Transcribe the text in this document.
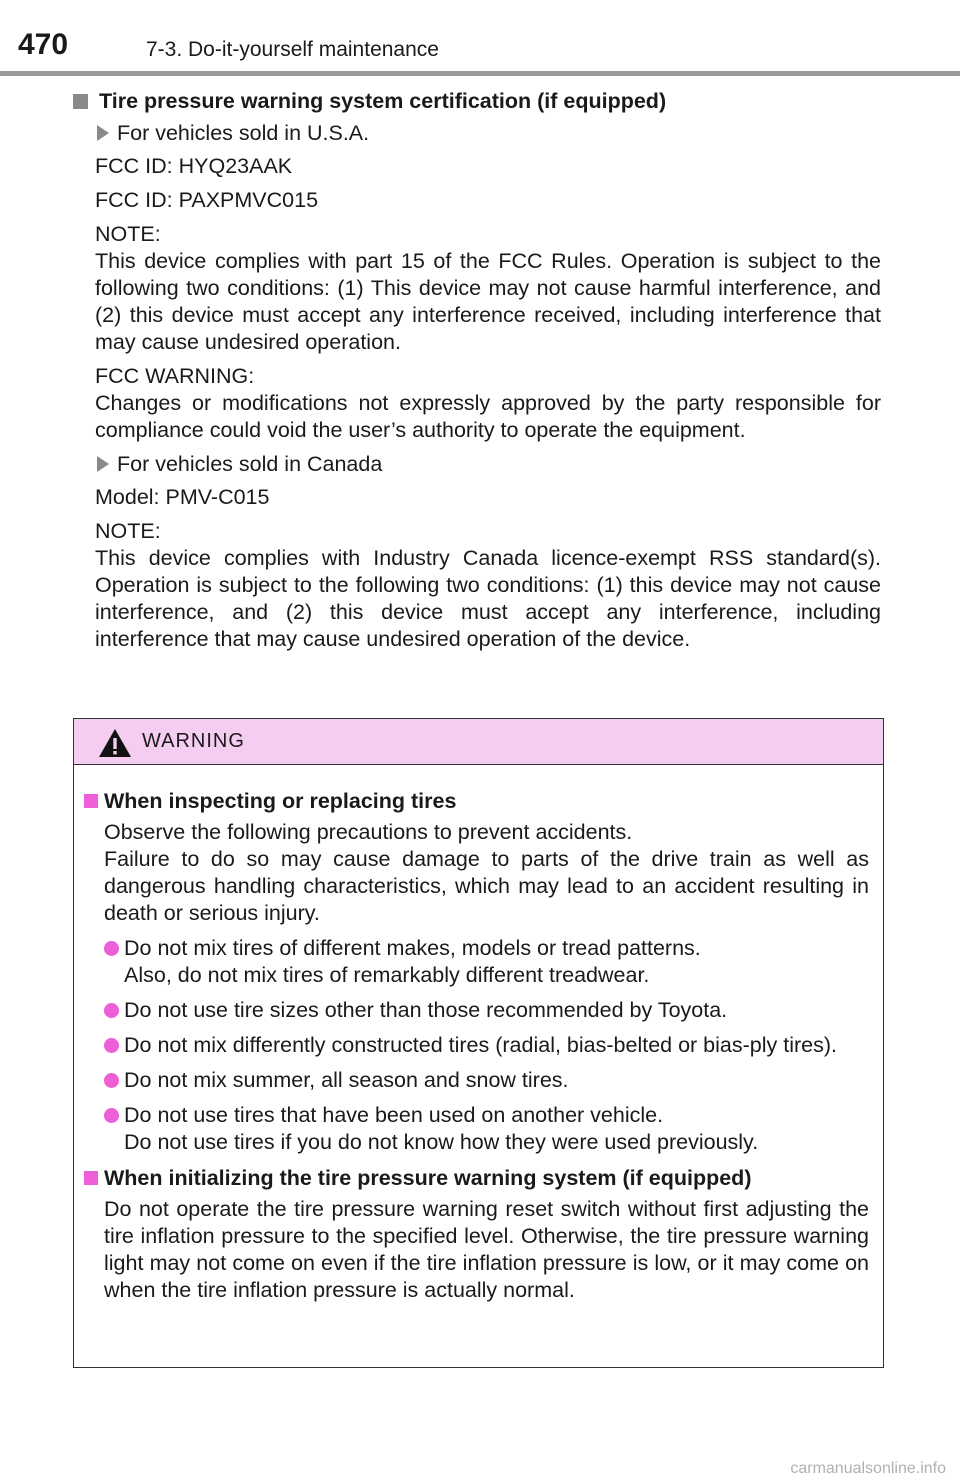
470	7-3. Do-it-yourself maintenance
Tire pressure warning system certification (if equipped)
For vehicles sold in U.S.A.
FCC ID: HYQ23AAK
FCC ID: PAXPMVC015
NOTE:
This device complies with part 15 of the FCC Rules. Operation is subject to the following two conditions: (1) This device may not cause harmful interference, and (2) this device must accept any interference received, including interference that may cause undesired operation.
FCC WARNING:
Changes or modifications not expressly approved by the party responsible for compliance could void the user’s authority to operate the equipment.
For vehicles sold in Canada
Model: PMV-C015
NOTE:
This device complies with Industry Canada licence-exempt RSS standard(s). Operation is subject to the following two conditions: (1) this device may not cause interference, and (2) this device must accept any interference, including interference that may cause undesired operation of the device.
WARNING
When inspecting or replacing tires
Observe the following precautions to prevent accidents.
Failure to do so may cause damage to parts of the drive train as well as dangerous handling characteristics, which may lead to an accident resulting in death or serious injury.
Do not mix tires of different makes, models or tread patterns.
Also, do not mix tires of remarkably different treadwear.
Do not use tire sizes other than those recommended by Toyota.
Do not mix differently constructed tires (radial, bias-belted or bias-ply tires).
Do not mix summer, all season and snow tires.
Do not use tires that have been used on another vehicle.
Do not use tires if you do not know how they were used previously.
When initializing the tire pressure warning system (if equipped)
Do not operate the tire pressure warning reset switch without first adjusting the tire inflation pressure to the specified level. Otherwise, the tire pressure warning light may not come on even if the tire inflation pressure is low, or it may come on when the tire inflation pressure is actually normal.
carmanualsonline.info
